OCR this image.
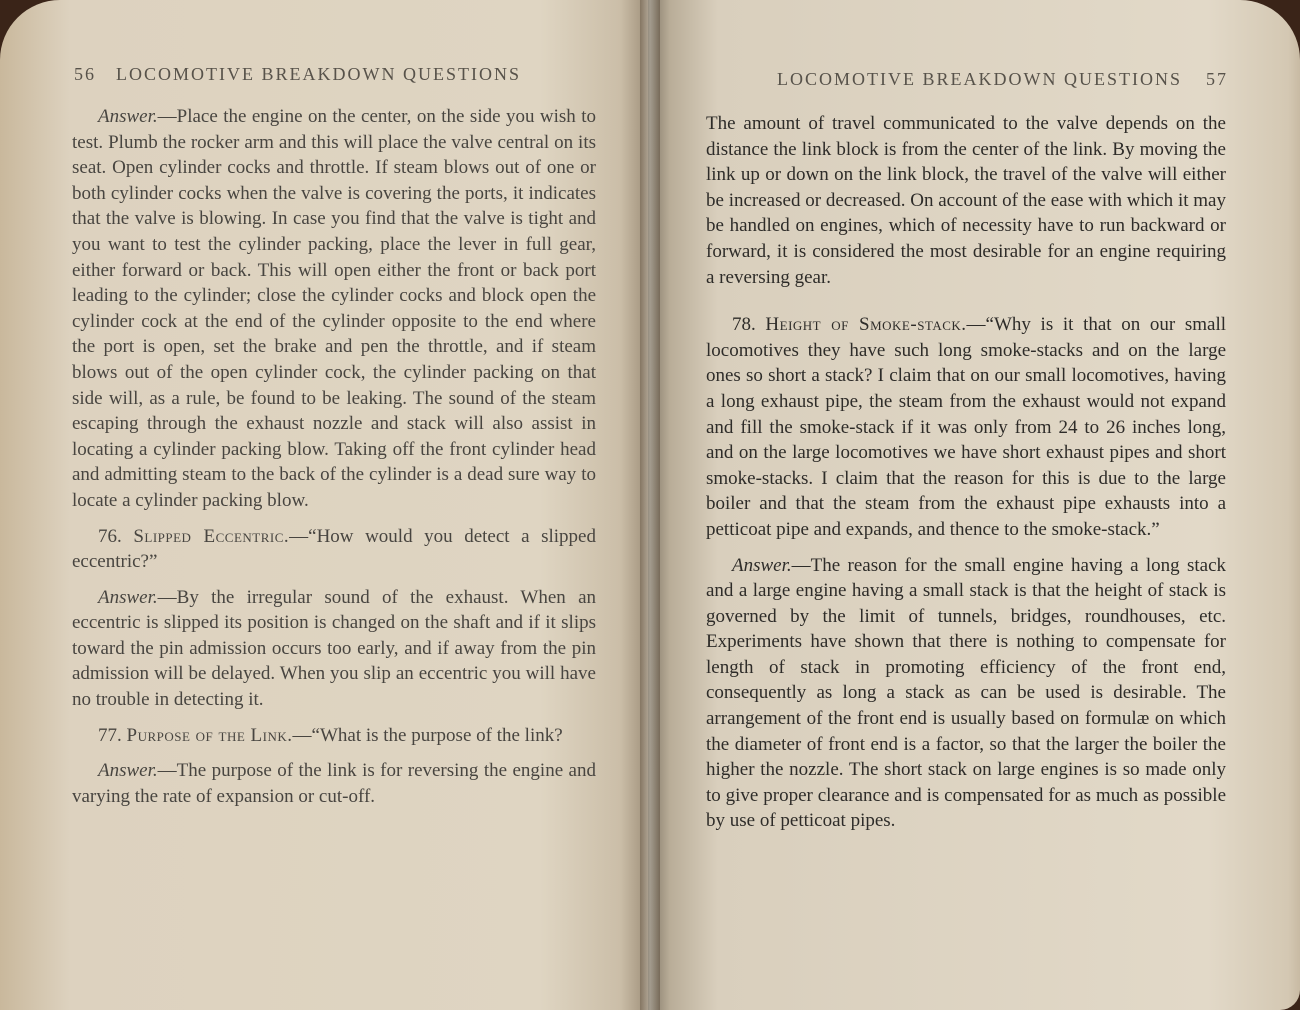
56 LOCOMOTIVE BREAKDOWN QUESTIONS

Answer.—Place the engine on the center, on the side you wish to test. Plumb the rocker arm and this will place the valve central on its seat. Open cylinder cocks and throttle. If steam blows out of one or both cylinder cocks when the valve is covering the ports, it indicates that the valve is blowing. In case you find that the valve is tight and you want to test the cylinder packing, place the lever in full gear, either forward or back. This will open either the front or back port leading to the cylinder; close the cylinder cocks and block open the cylinder cock at the end of the cylinder opposite to the end where the port is open, set the brake and pen the throttle, and if steam blows out of the open cylinder cock, the cylinder packing on that side will, as a rule, be found to be leaking. The sound of the steam escaping through the exhaust nozzle and stack will also assist in locating a cylinder packing blow. Taking off the front cylinder head and admitting steam to the back of the cylinder is a dead sure way to locate a cylinder packing blow.

76. Slipped Eccentric.—“How would you detect a slipped eccentric?”

Answer.—By the irregular sound of the exhaust. When an eccentric is slipped its position is changed on the shaft and if it slips toward the pin admission occurs too early, and if away from the pin admission will be delayed. When you slip an eccentric you will have no trouble in detecting it.

77. Purpose of the Link.—“What is the purpose of the link?

Answer.—The purpose of the link is for reversing the engine and varying the rate of expansion or cut-off.

LOCOMOTIVE BREAKDOWN QUESTIONS 57

The amount of travel communicated to the valve depends on the distance the link block is from the center of the link. By moving the link up or down on the link block, the travel of the valve will either be increased or decreased. On account of the ease with which it may be handled on engines, which of necessity have to run backward or forward, it is considered the most desirable for an engine requiring a reversing gear.

78. Height of Smoke-stack.—“Why is it that on our small locomotives they have such long smoke-stacks and on the large ones so short a stack? I claim that on our small locomotives, having a long exhaust pipe, the steam from the exhaust would not expand and fill the smoke-stack if it was only from 24 to 26 inches long, and on the large locomotives we have short exhaust pipes and short smoke-stacks. I claim that the reason for this is due to the large boiler and that the steam from the exhaust pipe exhausts into a petticoat pipe and expands, and thence to the smoke-stack.”

Answer.—The reason for the small engine having a long stack and a large engine having a small stack is that the height of stack is governed by the limit of tunnels, bridges, roundhouses, etc. Experiments have shown that there is nothing to compensate for length of stack in promoting efficiency of the front end, consequently as long a stack as can be used is desirable. The arrangement of the front end is usually based on formulæ on which the diameter of front end is a factor, so that the larger the boiler the higher the nozzle. The short stack on large engines is so made only to give proper clearance and is compensated for as much as possible by use of petticoat pipes.
